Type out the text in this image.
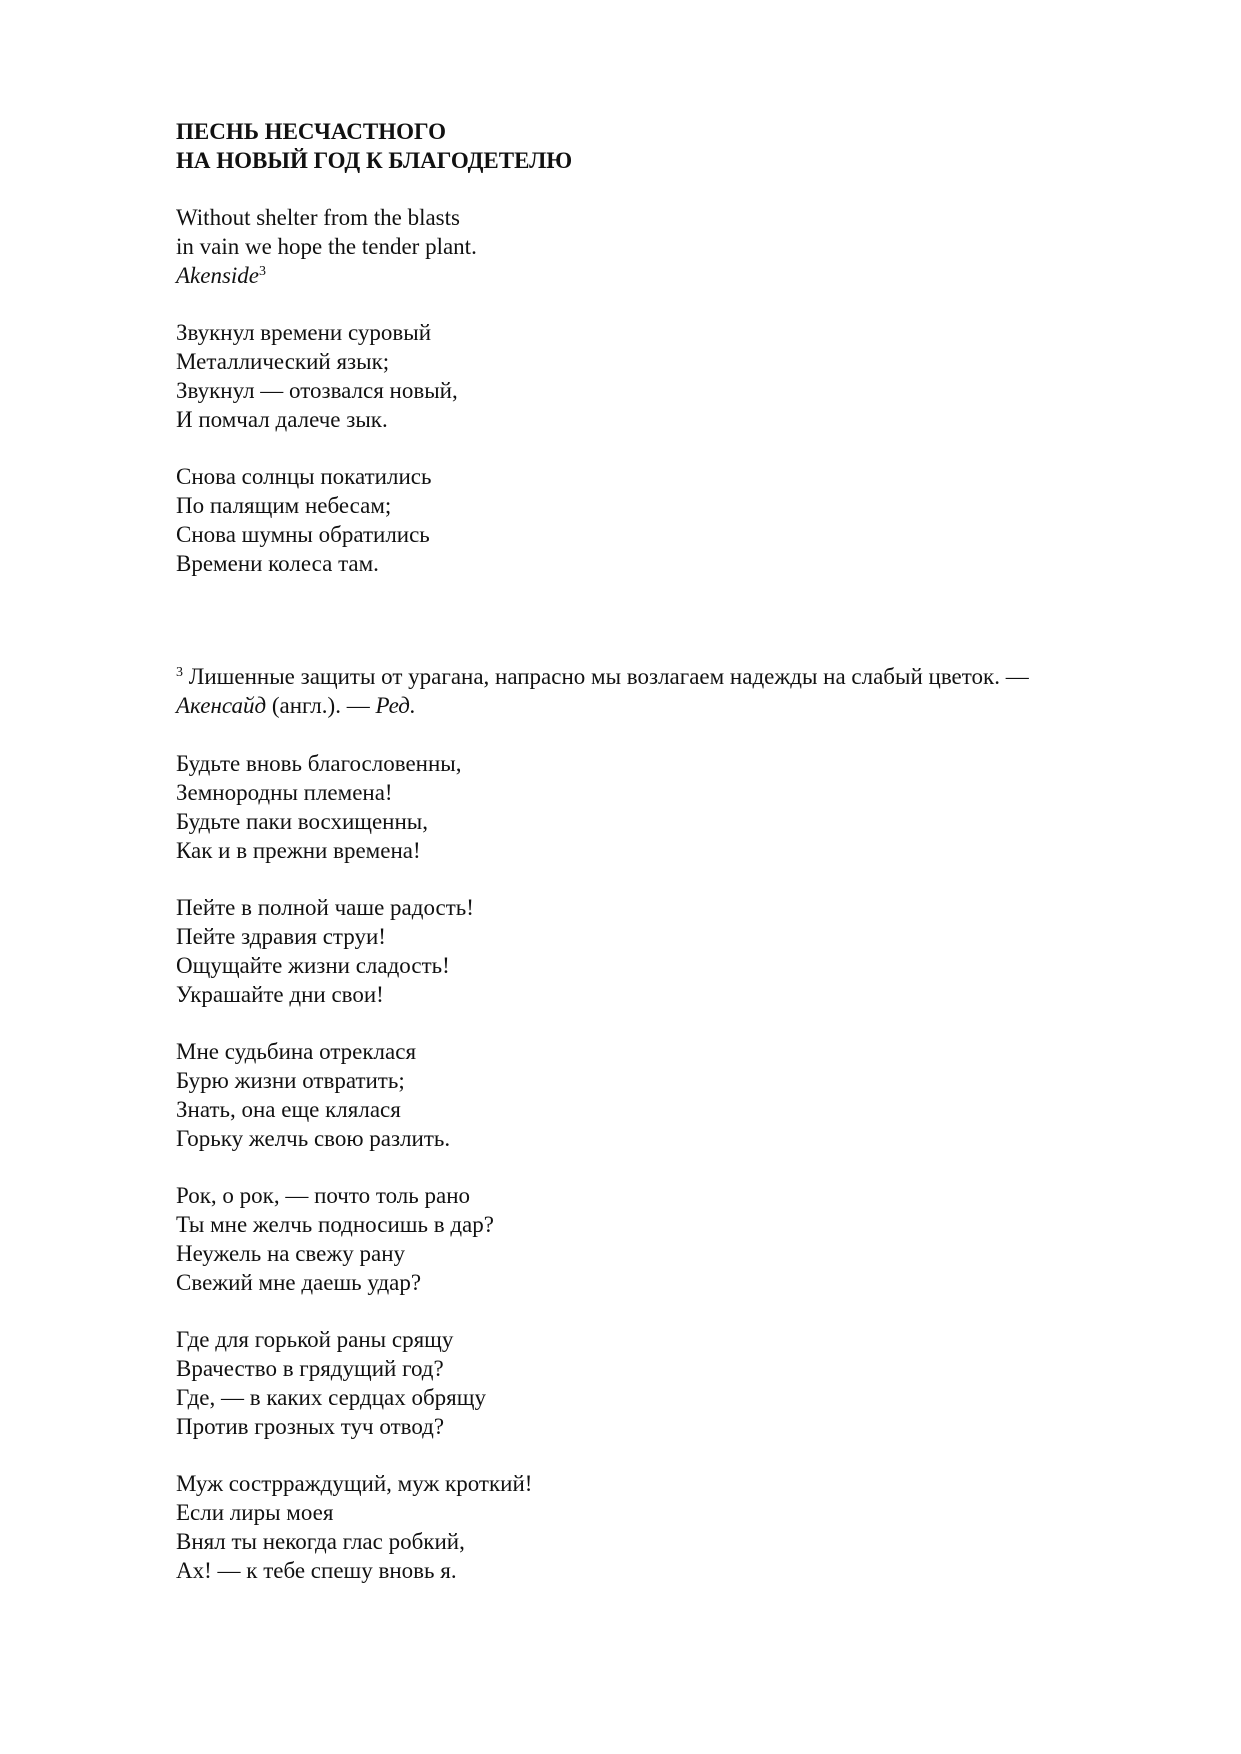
ПЕСНЬ НЕСЧАСТНОГО
НА НОВЫЙ ГОД К БЛАГОДЕТЕЛЮ
Without shelter from the blasts
in vain we hope the tender plant.
Akenside$^3$
Звукнул времени суровый
Металлический язык;
Звукнул — отозвался новый,
И помчал далече зык.
Снова солнцы покатились
По палящим небесам;
Снова шумны обратились
Времени колеса там.
$^3$ Лишенные защиты от урагана, напрасно мы возлагаем надежды на слабый цветок. —
Акенсайд (англ.). — Ред.
Будьте вновь благословенны,
Земнородны племена!
Будьте паки восхищенны,
Как и в прежни времена!
Пейте в полной чаше радость!
Пейте здравия струи!
Ощущайте жизни сладость!
Украшайте дни свои!
Мне судьбина отреклася
Бурю жизни отвратить;
Знать, она еще клялася
Горьку желчь свою разлить.
Рок, о рок, — почто толь рано
Ты мне желчь подносишь в дар?
Неужель на свежу рану
Свежий мне даешь удар?
Где для горькой раны срящу
Врачество в грядущий год?
Где, — в каких сердцах обрящу
Против грозных туч отвод?
Муж сострраждущий, муж кроткий!
Если лиры моея
Внял ты некогда глас робкий,
Ах! — к тебе спешу вновь я.
